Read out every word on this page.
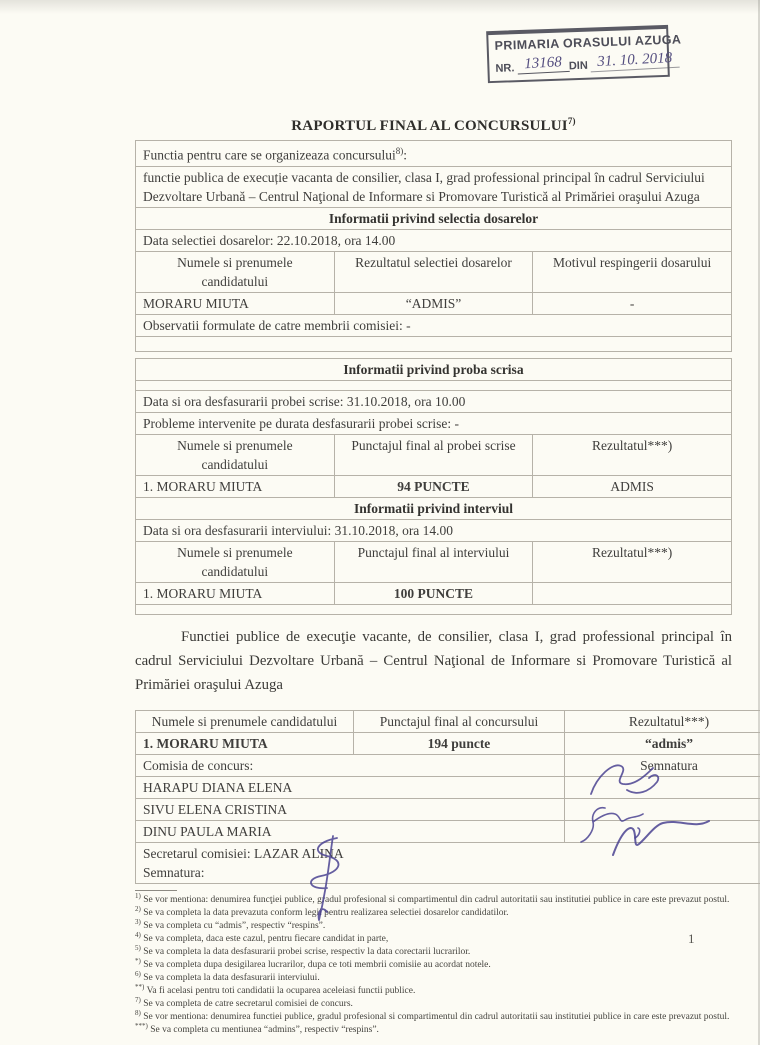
PRIMARIA ORASULUI AZUGA
NR. 13168 DIN 31. 10. 2018
RAPORTUL FINAL AL CONCURSULUI$^{7)}$
Functia pentru care se organizeaza concursului$^{8)}$:		
functie publica de execuție vacanta de consilier, clasa I, grad professional principal în cadrul Serviciului Dezvoltare Urbană – Centrul Naţional de Informare si Promovare Turistică al Primăriei oraşului Azuga		
Informatii privind selectia dosarelor		
Data selectiei dosarelor: 22.10.2018, ora 14.00		
Numele si prenumele candidatului	Rezultatul selectiei dosarelor	Motivul respingerii dosarului
MORARU MIUTA	“ADMIS”	-
Observatii formulate de catre membrii comisiei: -		

Informatii privind proba scrisa		

Data si ora desfasurarii probei scrise: 31.10.2018, ora 10.00		
Probleme intervenite pe durata desfasurarii probei scrise: -		
Numele si prenumele candidatului	Punctajul final al probei scrise	Rezultatul***)
1. MORARU MIUTA	94 PUNCTE	ADMIS
Informatii privind interviul		
Data si ora desfasurarii interviului: 31.10.2018, ora 14.00		
Numele si prenumele candidatului	Punctajul final al interviului	Rezultatul***)
1. MORARU MIUTA	100 PUNCTE	

Functiei publice de execuţie vacante, de consilier, clasa I, grad professional principal în cadrul Serviciului Dezvoltare Urbană – Centrul Naţional de Informare si Promovare Turistică al Primăriei oraşului Azuga
Numele si prenumele candidatului	Punctajul final al concursului	Rezultatul***)
1. MORARU MIUTA	194 puncte	“admis”
Comisia de concurs:		Semnatura
HARAPU DIANA ELENA		
SIVU ELENA CRISTINA		
DINU PAULA MARIA		

Secretarul comisiei: LAZAR ALINA
Semnatura:		
$^{1)}$ Se vor mentiona: denumirea funcţiei publice, gradul profesional si compartimentul din cadrul autoritatii sau institutiei publice in care este prevazut postul.
$^{2)}$ Se va completa la data prevazuta conform legii pentru realizarea selectiei dosarelor candidatilor.
$^{3)}$ Se va completa cu “admis”, respectiv “respins”.
$^{4)}$ Se va completa, daca este cazul, pentru fiecare candidat in parte,
$^{5)}$ Se va completa la data desfasurarii probei scrise, respectiv la data corectarii lucrarilor.
*) Se va completa dupa desigilarea lucrarilor, dupa ce toti membrii comisiie au acordat notele.
$^{6)}$ Se va completa la data desfasurarii interviului.
**) Va fi acelasi pentru toti candidatii la ocuparea aceleiasi functii publice.
$^{7)}$ Se va completa de catre secretarul comisiei de concurs.
$^{8)}$ Se vor mentiona: denumirea functiei publice, gradul profesional si compartimentul din cadrul autoritatii sau institutiei publice in care este prevazut postul.
***) Se va completa cu mentiunea “admins”, respectiv “respins”.
1
